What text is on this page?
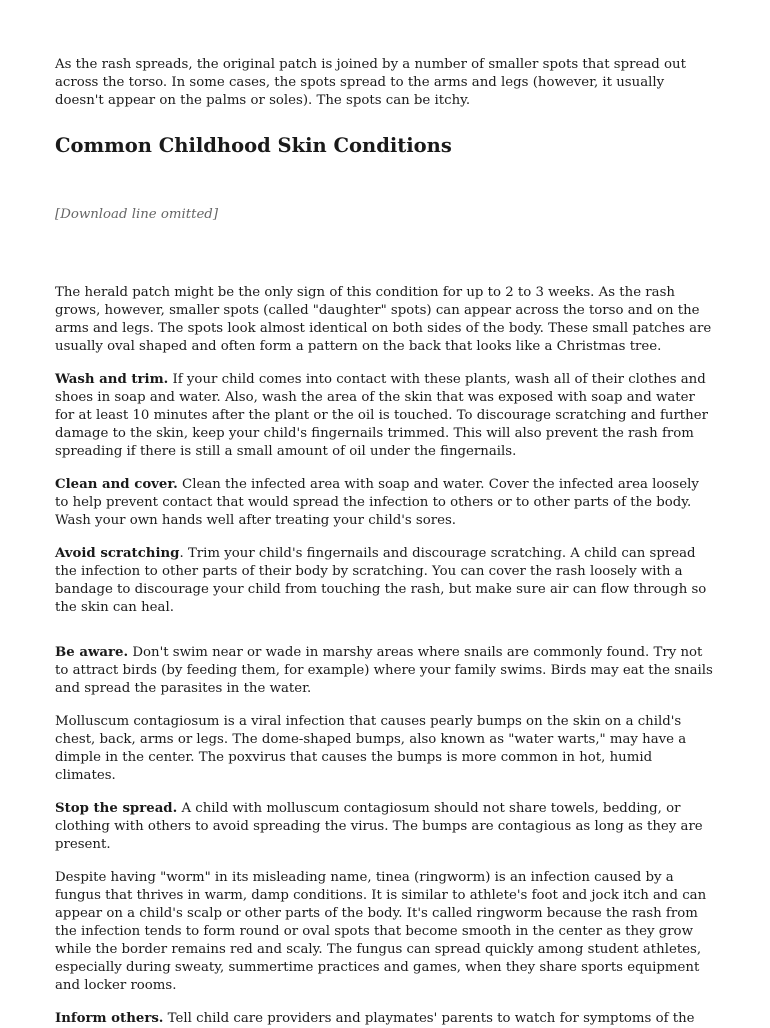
As the rash spreads, the original patch is joined by a number of smaller spots that spread out across the torso. In some cases, the spots spread to the arms and legs (however, it usually doesn't appear on the palms or soles). The spots can be itchy.

Common Childhood Skin Conditions

[Download line omitted]

The herald patch might be the only sign of this condition for up to 2 to 3 weeks. As the rash grows, however, smaller spots (called "daughter" spots) can appear across the torso and on the arms and legs. The spots look almost identical on both sides of the body. These small patches are usually oval shaped and often form a pattern on the back that looks like a Christmas tree.

Wash and trim. If your child comes into contact with these plants, wash all of their clothes and shoes in soap and water. Also, wash the area of the skin that was exposed with soap and water for at least 10 minutes after the plant or the oil is touched. To discourage scratching and further damage to the skin, keep your child's fingernails trimmed. This will also prevent the rash from spreading if there is still a small amount of oil under the fingernails.

Clean and cover. Clean the infected area with soap and water. Cover the infected area loosely to help prevent contact that would spread the infection to others or to other parts of the body. Wash your own hands well after treating your child's sores.

Avoid scratching. Trim your child's fingernails and discourage scratching. A child can spread the infection to other parts of their body by scratching. You can cover the rash loosely with a bandage to discourage your child from touching the rash, but make sure air can flow through so the skin can heal.

Be aware. Don't swim near or wade in marshy areas where snails are commonly found. Try not to attract birds (by feeding them, for example) where your family swims. Birds may eat the snails and spread the parasites in the water.

Molluscum contagiosum is a viral infection that causes pearly bumps on the skin on a child's chest, back, arms or legs. The dome-shaped bumps, also known as "water warts," may have a dimple in the center. The poxvirus that causes the bumps is more common in hot, humid climates.

Stop the spread. A child with molluscum contagiosum should not share towels, bedding, or clothing with others to avoid spreading the virus. The bumps are contagious as long as they are present.

Despite having "worm" in its misleading name, tinea (ringworm) is an infection caused by a fungus that thrives in warm, damp conditions. It is similar to athlete's foot and jock itch and can appear on a child's scalp or other parts of the body. It's called ringworm because the rash from the infection tends to form round or oval spots that become smooth in the center as they grow while the border remains red and scaly. The fungus can spread quickly among student athletes, especially during sweaty, summertime practices and games, when they share sports equipment and locker rooms.

Inform others. Tell child care providers and playmates' parents to watch for symptoms of the
